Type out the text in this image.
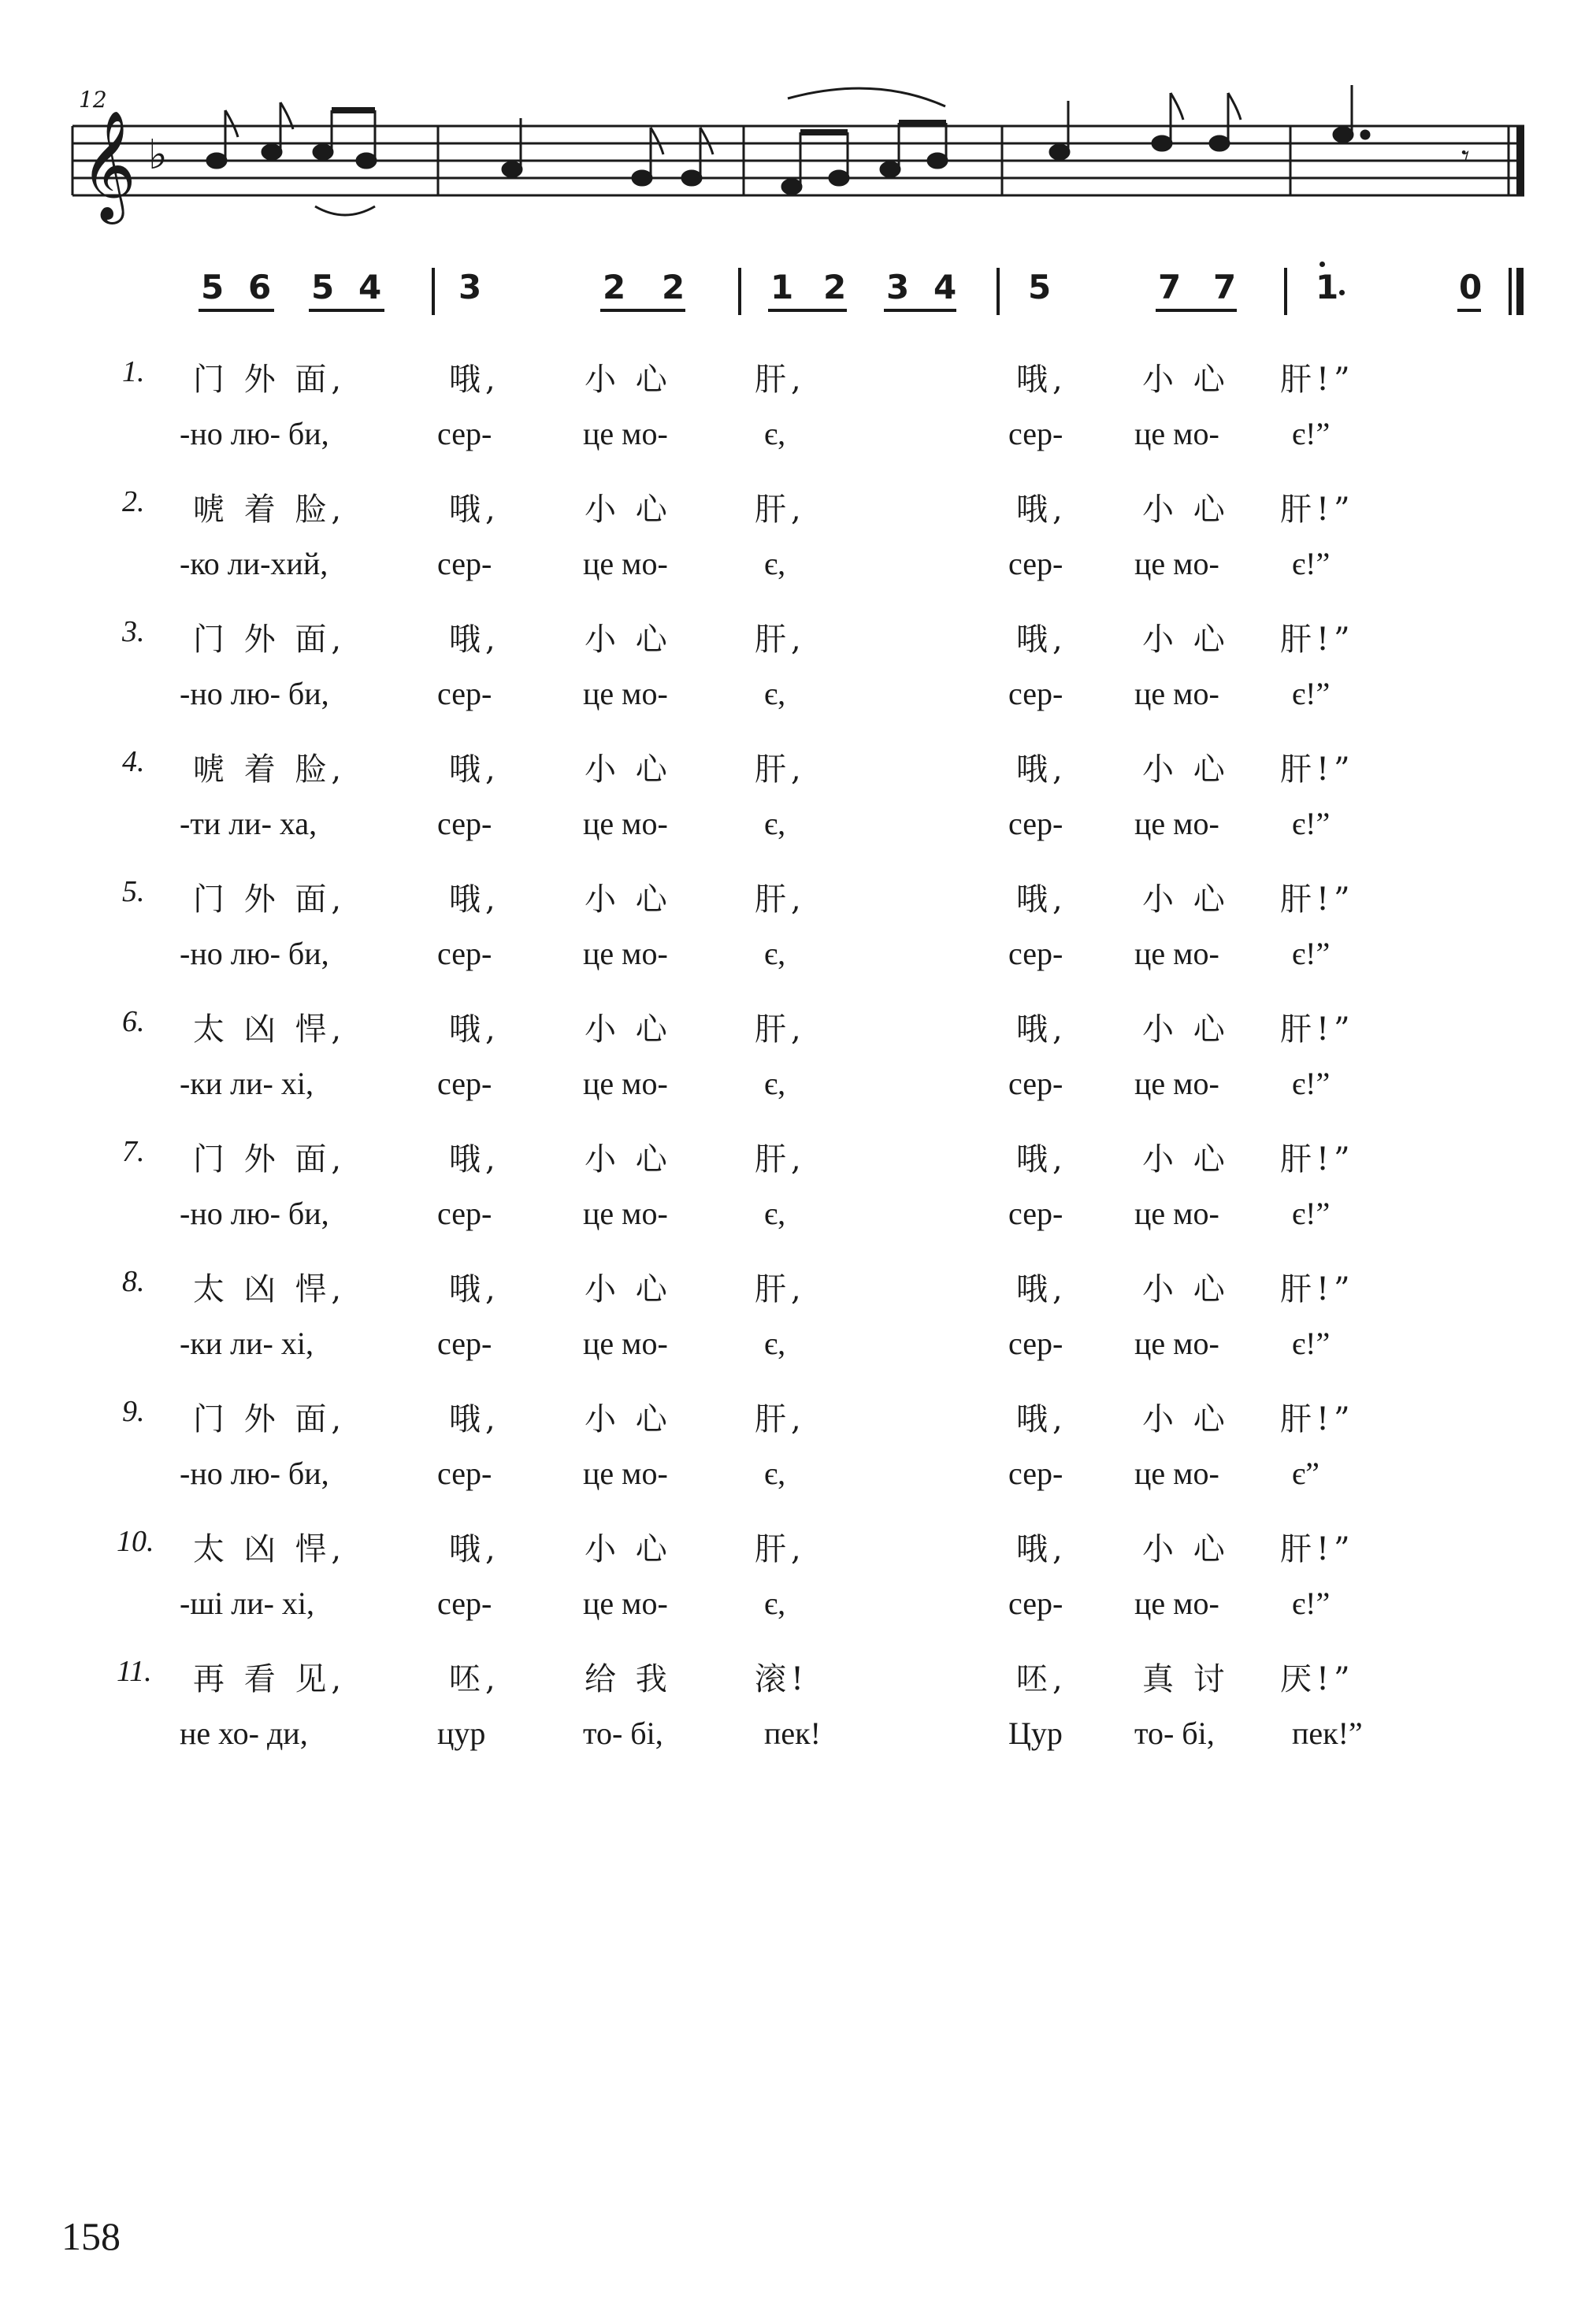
12
𝄞 ♭	𝄾
5 6 5 4 3	2 2	1 2 3 4 5	7 7 1	0
1. 门 外 面,	哦,	小 心	肝,	哦, 小 心 肝!”
-но лю- би,	сер-	це мо-	є,	сер- це мо- є!”
2. 唬 着 脸,	哦,	小 心	肝,	哦, 小 心 肝!”
-ко ли-хий,	сер-	це мо-	є,	сер- це мо- є!”
3. 门 外 面,	哦,	小 心	肝,	哦, 小 心 肝!”
-но лю- би,	сер-	це мо-	є,	сер- це мо- є!”
4. 唬 着 脸,	哦,	小 心	肝,	哦, 小 心 肝!”
-ти ли- ха,	сер-	це мо-	є,	сер- це мо- є!”
5. 门 外 面,	哦,	小 心	肝,	哦, 小 心 肝!”
-но лю- би,	сер-	це мо-	є,	сер- це мо- є!”
6. 太 凶 悍,	哦,	小 心	肝,	哦, 小 心 肝!”
-ки ли- хі,	сер-	це мо-	є,	сер- це мо- є!”
7. 门 外 面,	哦,	小 心	肝,	哦, 小 心 肝!”
-но лю- би,	сер-	це мо-	є,	сер- це мо- є!”
8. 太 凶 悍,	哦,	小 心	肝,	哦, 小 心 肝!”
-ки ли- хі,	сер-	це мо-	є,	сер- це мо- є!”
9. 门 外 面,	哦,	小 心	肝,	哦, 小 心 肝!”
-но лю- би,	сер-	це мо-	є,	сер- це мо- є”
10. 太 凶 悍,	哦,	小 心	肝,	哦, 小 心 肝!”
-ші ли- хі,	сер-	це мо-	є,	сер- це мо- є!”
11. 再 看 见,	呸,	给 我	滚!	呸, 真 讨 厌!”
не хо- ди,	цур	то- бі,	пек!	Цур то- бі, пек!”
158
